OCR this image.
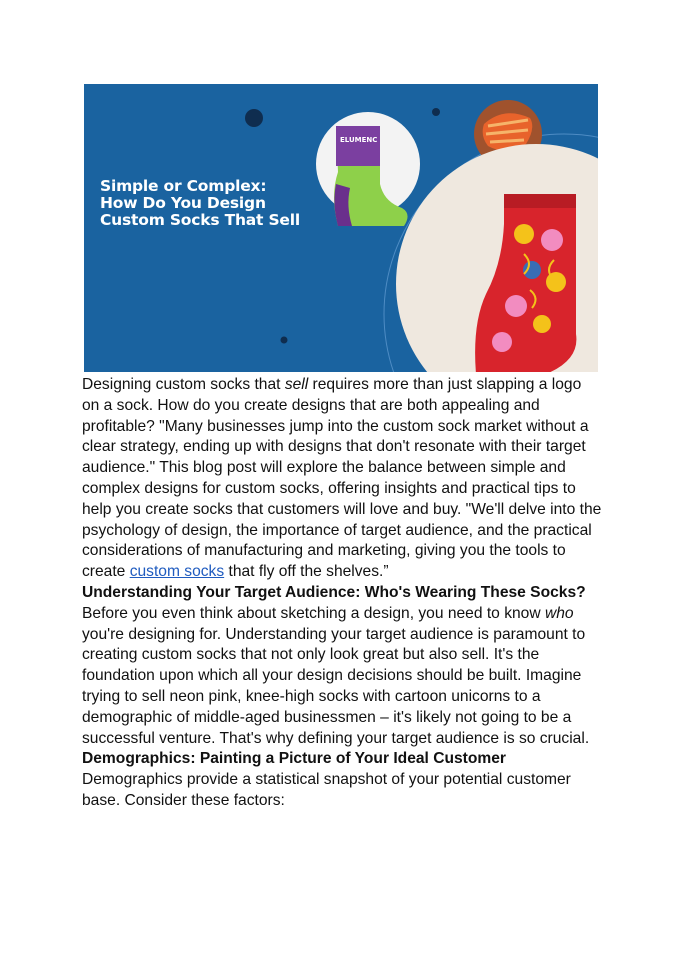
ELUMENC
Simple or Complex:
How Do You Design
Custom Socks That Sell

Designing custom socks that sell requires more than just slapping a logo on a sock. How do you create designs that are both appealing and profitable? "Many businesses jump into the custom sock market without a clear strategy, ending up with designs that don't resonate with their target audience." This blog post will explore the balance between simple and complex designs for custom socks, offering insights and practical tips to help you create socks that customers will love and buy. "We'll delve into the psychology of design, the importance of target audience, and the practical considerations of manufacturing and marketing, giving you the tools to create custom socks that fly off the shelves.”

Understanding Your Target Audience: Who's Wearing These Socks?

Before you even think about sketching a design, you need to know who you're designing for. Understanding your target audience is paramount to creating custom socks that not only look great but also sell. It's the foundation upon which all your design decisions should be built. Imagine trying to sell neon pink, knee-high socks with cartoon unicorns to a demographic of middle-aged businessmen – it's likely not going to be a successful venture. That's why defining your target audience is so crucial.

Demographics: Painting a Picture of Your Ideal Customer

Demographics provide a statistical snapshot of your potential customer base. Consider these factors:
